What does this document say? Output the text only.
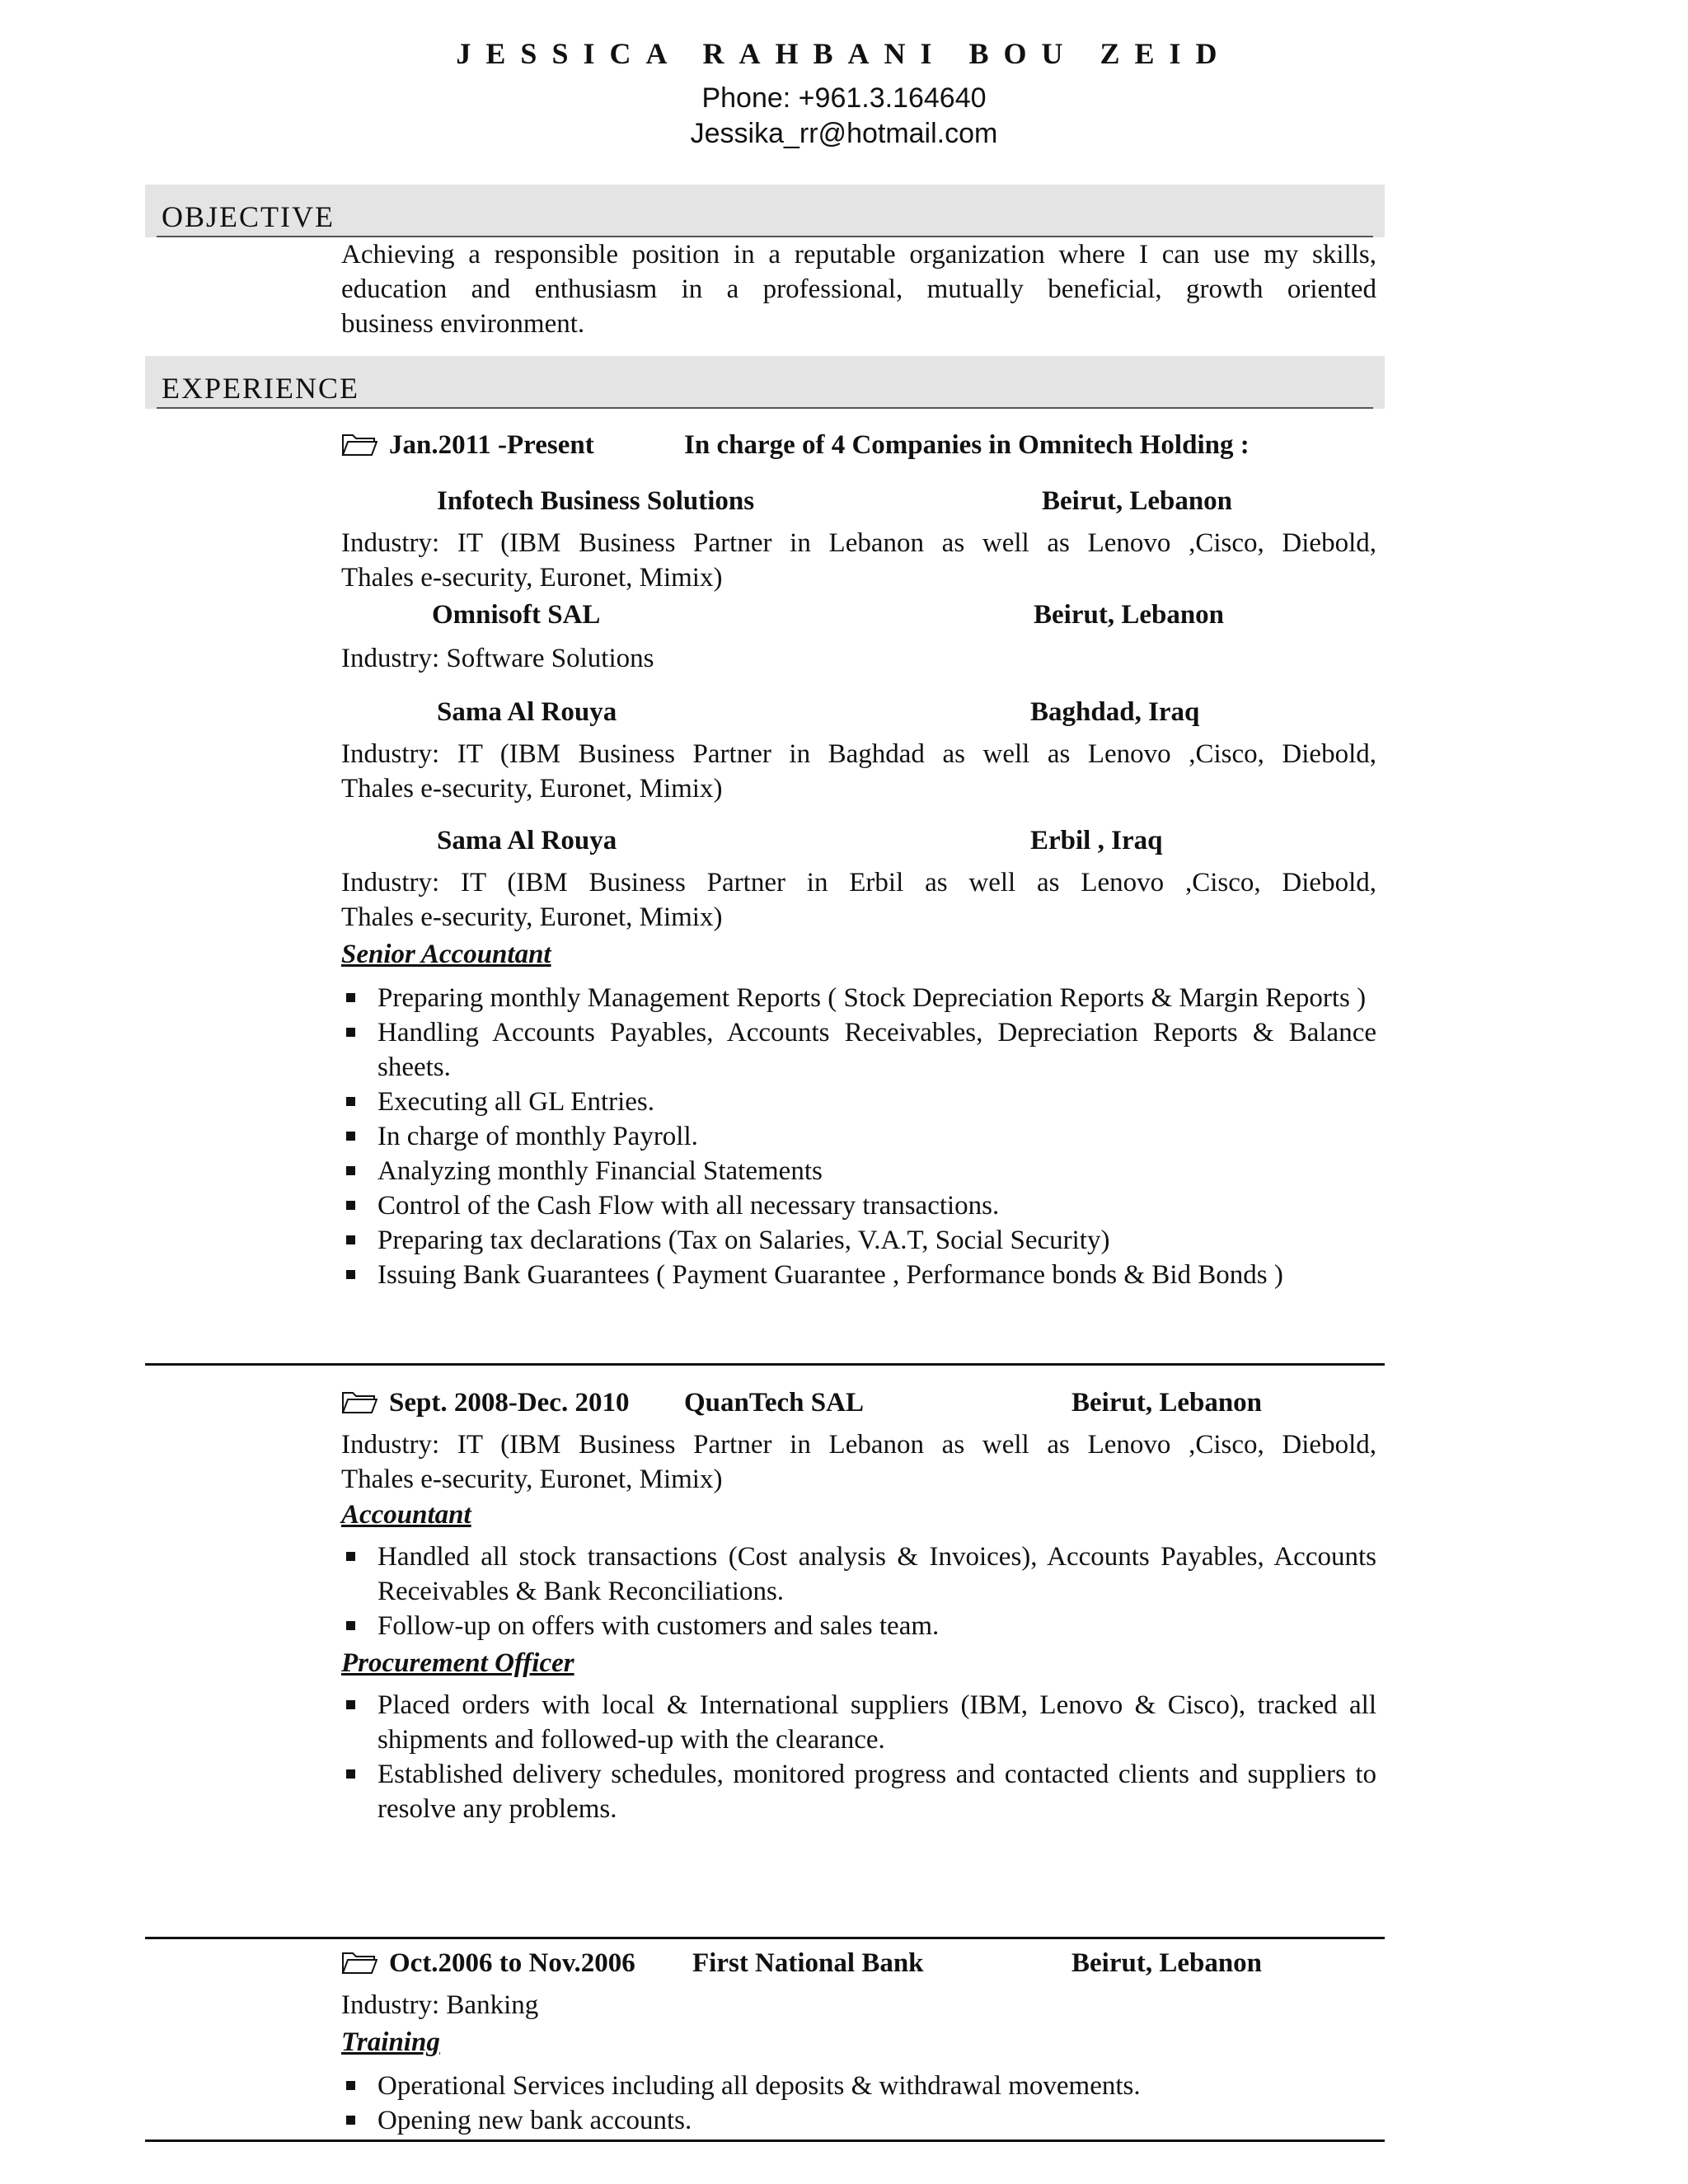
JESSICA RAHBANI BOU ZEID
Phone: +961.3.164640
Jessika_rr@hotmail.com
OBJECTIVE
Achieving a responsible position in a reputable organization where I can use my skills,
education and enthusiasm in a professional, mutually beneficial, growth oriented
business environment.
EXPERIENCE
Jan.2011 -Present	In charge of 4 Companies in Omnitech Holding :
Infotech Business Solutions	Beirut, Lebanon
Industry: IT (IBM Business Partner in Lebanon as well as Lenovo ,Cisco, Diebold,
Thales e-security, Euronet, Mimix)
Omnisoft SAL	Beirut, Lebanon
Industry: Software Solutions
Sama Al Rouya	Baghdad, Iraq
Industry: IT (IBM Business Partner in Baghdad as well as Lenovo ,Cisco, Diebold,
Thales e-security, Euronet, Mimix)
Sama Al Rouya	Erbil , Iraq
Industry: IT (IBM Business Partner in Erbil as well as Lenovo ,Cisco, Diebold,
Thales e-security, Euronet, Mimix)
Senior Accountant
Preparing monthly Management Reports ( Stock Depreciation Reports & Margin Reports )
Handling Accounts Payables, Accounts Receivables, Depreciation Reports & Balance sheets.
Executing all GL Entries.
In charge of monthly Payroll.
Analyzing monthly Financial Statements
Control of the Cash Flow with all necessary transactions.
Preparing tax declarations (Tax on Salaries, V.A.T, Social Security)
Issuing Bank Guarantees ( Payment Guarantee , Performance bonds & Bid Bonds )
Sept. 2008-Dec. 2010 QuanTech SAL	Beirut, Lebanon
Industry: IT (IBM Business Partner in Lebanon as well as Lenovo ,Cisco, Diebold,
Thales e-security, Euronet, Mimix)
Accountant
Handled all stock transactions (Cost analysis & Invoices), Accounts Payables, Accounts Receivables & Bank Reconciliations.
Follow-up on offers with customers and sales team.
Procurement Officer
Placed orders with local & International suppliers (IBM, Lenovo & Cisco), tracked all shipments and followed-up with the clearance.
Established delivery schedules, monitored progress and contacted clients and suppliers to resolve any problems.
Oct.2006 to Nov.2006 First National Bank	Beirut, Lebanon
Industry: Banking
Training
Operational Services including all deposits & withdrawal movements.
Opening new bank accounts.
